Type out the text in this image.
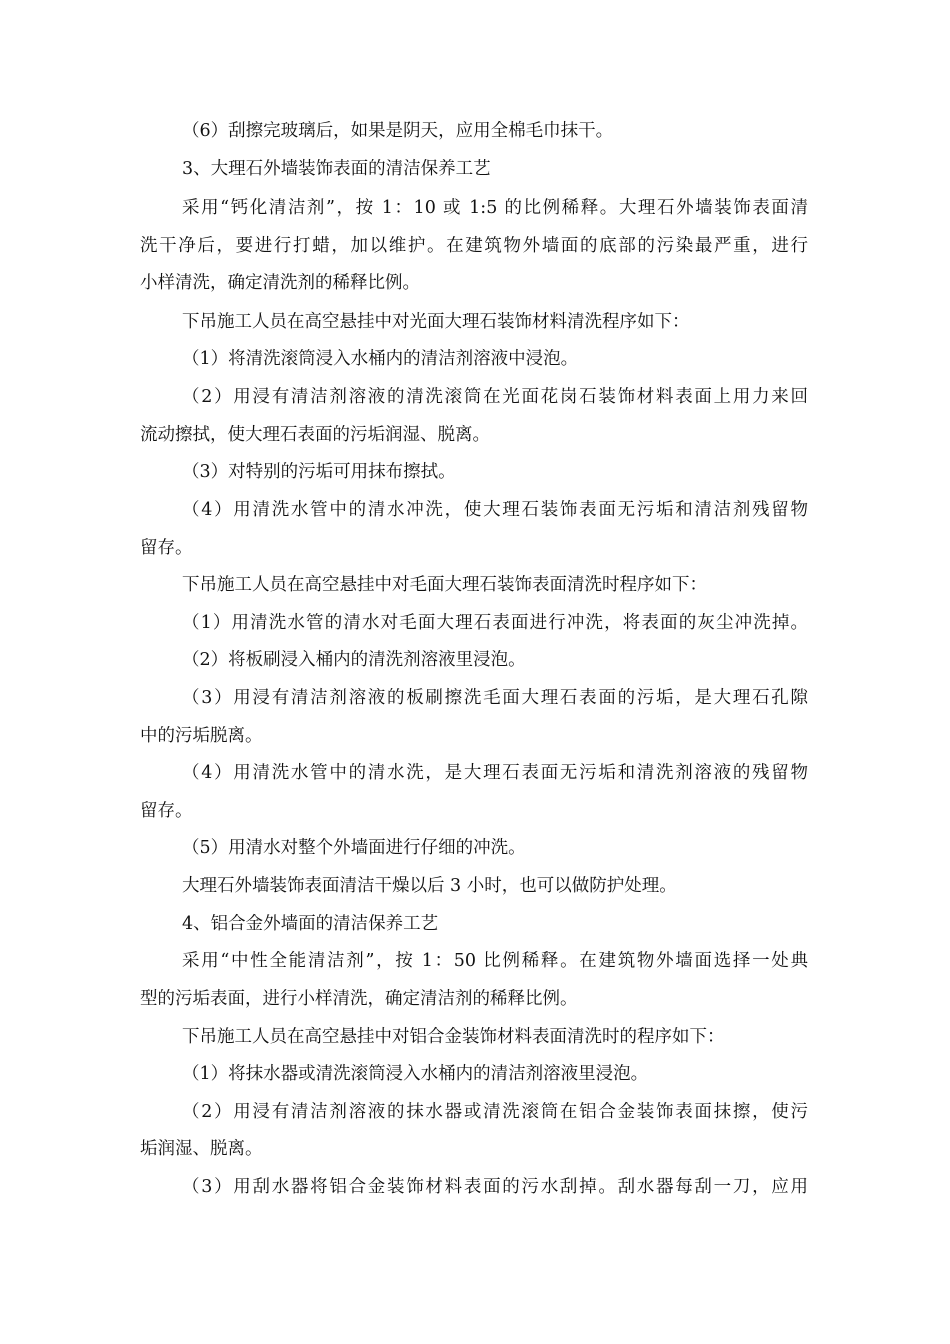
（6）刮擦完玻璃后，如果是阴天，应用全棉毛巾抹干。
3、大理石外墙装饰表面的清洁保养工艺
采用“钙化清洁剂”，按 1：10 或 1:5 的比例稀释。大理石外墙装饰表面清
洗干净后，要进行打蜡，加以维护。在建筑物外墙面的底部的污染最严重，进行
小样清洗，确定清洗剂的稀释比例。
下吊施工人员在高空悬挂中对光面大理石装饰材料清洗程序如下：
（1）将清洗滚筒浸入水桶内的清洁剂溶液中浸泡。
（2）用浸有清洁剂溶液的清洗滚筒在光面花岗石装饰材料表面上用力来回
流动擦拭，使大理石表面的污垢润湿、脱离。
（3）对特别的污垢可用抹布擦拭。
（4）用清洗水管中的清水冲洗，使大理石装饰表面无污垢和清洁剂残留物
留存。
下吊施工人员在高空悬挂中对毛面大理石装饰表面清洗时程序如下：
（1）用清洗水管的清水对毛面大理石表面进行冲洗，将表面的灰尘冲洗掉。
（2）将板刷浸入桶内的清洗剂溶液里浸泡。
（3）用浸有清洁剂溶液的板刷擦洗毛面大理石表面的污垢，是大理石孔隙
中的污垢脱离。
（4）用清洗水管中的清水洗，是大理石表面无污垢和清洗剂溶液的残留物
留存。
（5）用清水对整个外墙面进行仔细的冲洗。
大理石外墙装饰表面清洁干燥以后 3 小时，也可以做防护处理。
4、铝合金外墙面的清洁保养工艺
采用“中性全能清洁剂”，按 1：50 比例稀释。在建筑物外墙面选择一处典
型的污垢表面，进行小样清洗，确定清洁剂的稀释比例。
下吊施工人员在高空悬挂中对铝合金装饰材料表面清洗时的程序如下：
（1）将抹水器或清洗滚筒浸入水桶内的清洁剂溶液里浸泡。
（2）用浸有清洁剂溶液的抹水器或清洗滚筒在铝合金装饰表面抹擦，使污
垢润湿、脱离。
（3）用刮水器将铝合金装饰材料表面的污水刮掉。刮水器每刮一刀，应用
